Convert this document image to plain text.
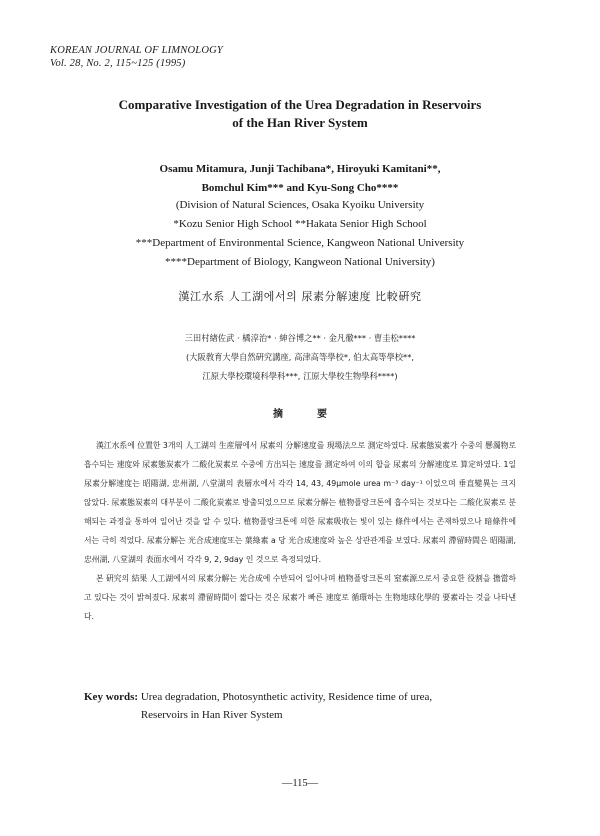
KOREAN JOURNAL OF LIMNOLOGY
Vol. 28, No. 2, 115~125 (1995)
Comparative Investigation of the Urea Degradation in Reservoirs
of the Han River System
Osamu Mitamura, Junji Tachibana*, Hiroyuki Kamitani**,
Bomchul Kim*** and Kyu-Song Cho****
(Division of Natural Sciences, Osaka Kyoiku University
*Kozu Senior High School **Hakata Senior High School
***Department of Environmental Science, Kangweon National University
****Department of Biology, Kangweon National University)
漢江水系 人工湖에서의 尿素分解速度 比較硏究
三田村緖佐武 · 橘淳治* · 紳谷博之** · 金凡徹*** · 曺圭松****
(大阪敎育大學自然硏究講座, 高津高等學校*, 伯太高等學校**,
江原大學校環境科學科***, 江原大學校生物學科****)
摘要

漢江水系에 位置한 3개의 人工湖의 生産層에서 尿素의 分解速度를 現場法으로 測定하였다. 尿素態炭素가 수중의 懸濁物로 흡수되는 速度와 尿素態炭素가 二酸化炭素로 수중에 方出되는 速度를 測定하여 이의 합을 尿素의 分解速度로 算定하였다. 1일 尿素分解速度는 昭陽湖, 忠州湖, 八堂湖의 表層水에서 각각 14, 43, 49μmole urea m⁻³ day⁻¹ 이었으며 垂直變異는 크지 않았다. 尿素態炭素의 대부분이 二酸化炭素로 방출되었으므로 尿素分解는 植物플랑크톤에 흡수되는 것보다는 二酸化炭素로 분해되는 과정을 통하여 일어난 것을 알 수 있다. 植物플랑크톤에 의한 尿素吸收는 빛이 있는 條件에서는 존재하였으나 暗條件에서는 극히 적었다. 尿素分解는 光合成速度또는 葉綠素 a 당 光合成速度와 높은 상관관계를 보였다. 尿素의 滯留時間은 昭陽湖, 忠州湖, 八堂湖의 表面水에서 각각 9, 2, 9day 인 것으로 측정되었다.

본 硏究의 結果 人工湖에서의 尿素分解는 光合成에 수반되어 일어나며 植物플랑크톤의 窒素源으로서 중요한 役割을 擔當하고 있다는 것이 밝혀졌다. 尿素의 滯留時間이 짧다는 것은 尿素가 빠른 速度로 循環하는 生物地球化學的 要素라는 것을 나타낸다.

Key words:
Urea degradation, Photosynthetic activity, Residence time of urea,
Reservoirs in Han River System
—115—
